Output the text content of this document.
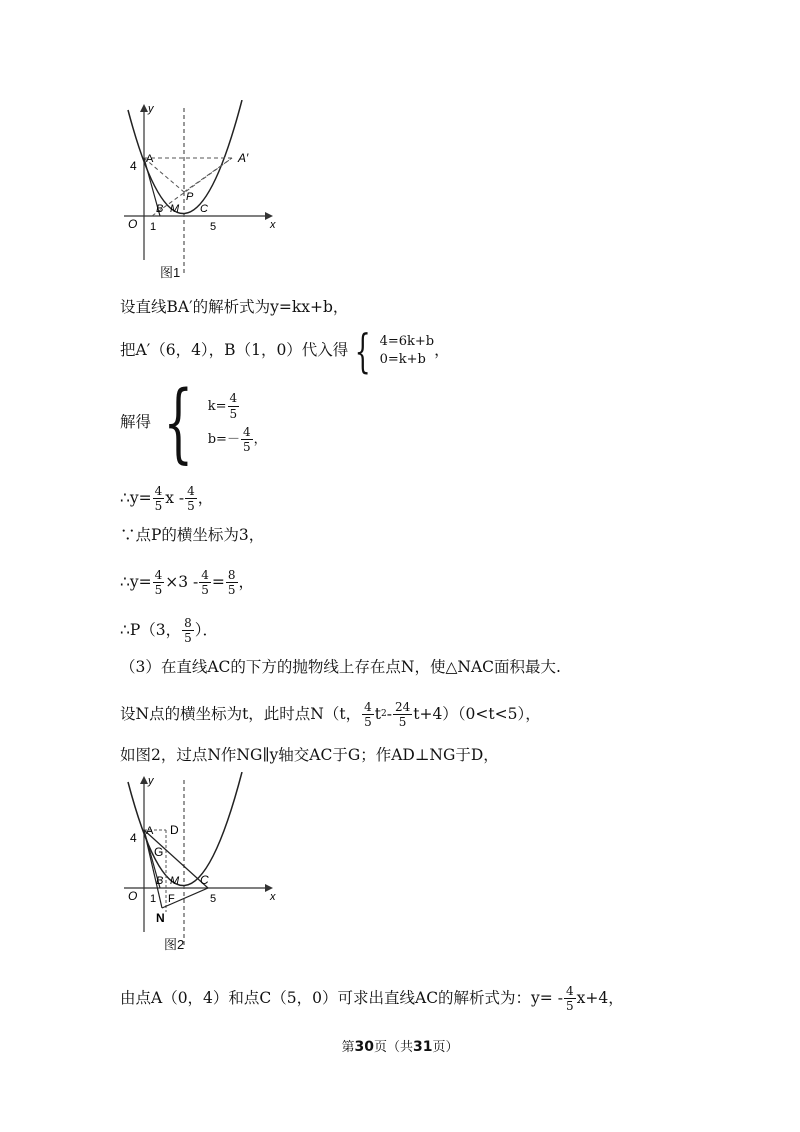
y
x
O
4 A
1	5
A′
P
B M C
图1
设直线BA′的解析式为y=kx+b，
把A′（6，4），B（1，0）代入得 { 4=6k+b
0=k+b
，
解得 { $k= \frac{4}{5}$
$b=- \frac{4}{5}$ ，
∴y= $\frac{4}{5}$ x - $\frac{4}{5}$ ，
∵点P的横坐标为3，
∴y= $\frac{4}{5} \times 3 - \frac{4}{5} = \frac{8}{5}$ ，
∴P（3， $\frac{8}{5}$ ）．
（3）在直线AC的下方的抛物线上存在点N，使△NAC面积最大.
设N点的横坐标为t，此时点N（t， $\frac{4}{5}$ t $2 - \frac{24}{5} t+4)(0<t<5)$，
如图2，过点N作NG∥y轴交AC于G；作AD⊥NG于D，
y
x
O
4 A D
G
1	5
B M C
F
N
图2
由点A（0，4）和点C（5，0）可求出直线AC的解析式为：$y= - \frac{4}{5} x+4$，
第30页（共31页）
